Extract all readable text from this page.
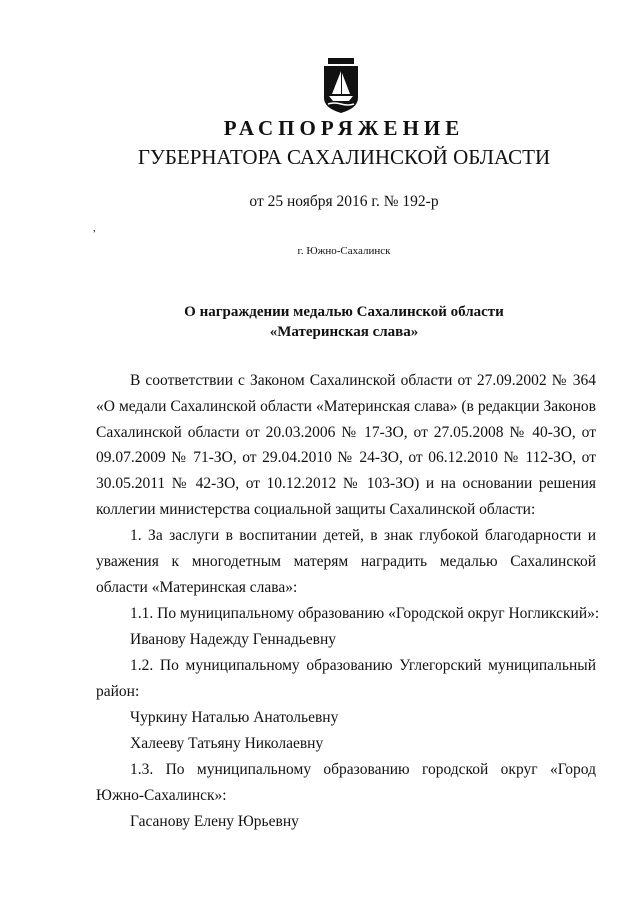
РАСПОРЯЖЕНИЕ
ГУБЕРНАТОРА САХАЛИНСКОЙ ОБЛАСТИ
от 25 ноября 2016 г. № 192-р
,
г. Южно-Сахалинск
О награждении медалью Сахалинской области
«Материнская слава»
В соответствии с Законом Сахалинской области от 27.09.2002 № 364 «О медали Сахалинской области «Материнская слава» (в редакции Законов Сахалинской области от 20.03.2006 № 17-ЗО, от 27.05.2008 № 40-ЗО, от 09.07.2009 № 71-ЗО, от 29.04.2010 № 24-ЗО, от 06.12.2010 № 112-ЗО, от 30.05.2011 № 42-ЗО, от 10.12.2012 № 103-ЗО) и на основании решения коллегии министерства социальной защиты Сахалинской области:
1. За заслуги в воспитании детей, в знак глубокой благодарности и уважения к многодетным матерям наградить медалью Сахалинской области «Материнская слава»:
1.1. По муниципальному образованию «Городской округ Ногликский»:
Иванову Надежду Геннадьевну
1.2. По муниципальному образованию Углегорский муниципальный район:
Чуркину Наталью Анатольевну
Халееву Татьяну Николаевну
1.3. По муниципальному образованию городской округ «Город Южно-Сахалинск»:
Гасанову Елену Юрьевну
